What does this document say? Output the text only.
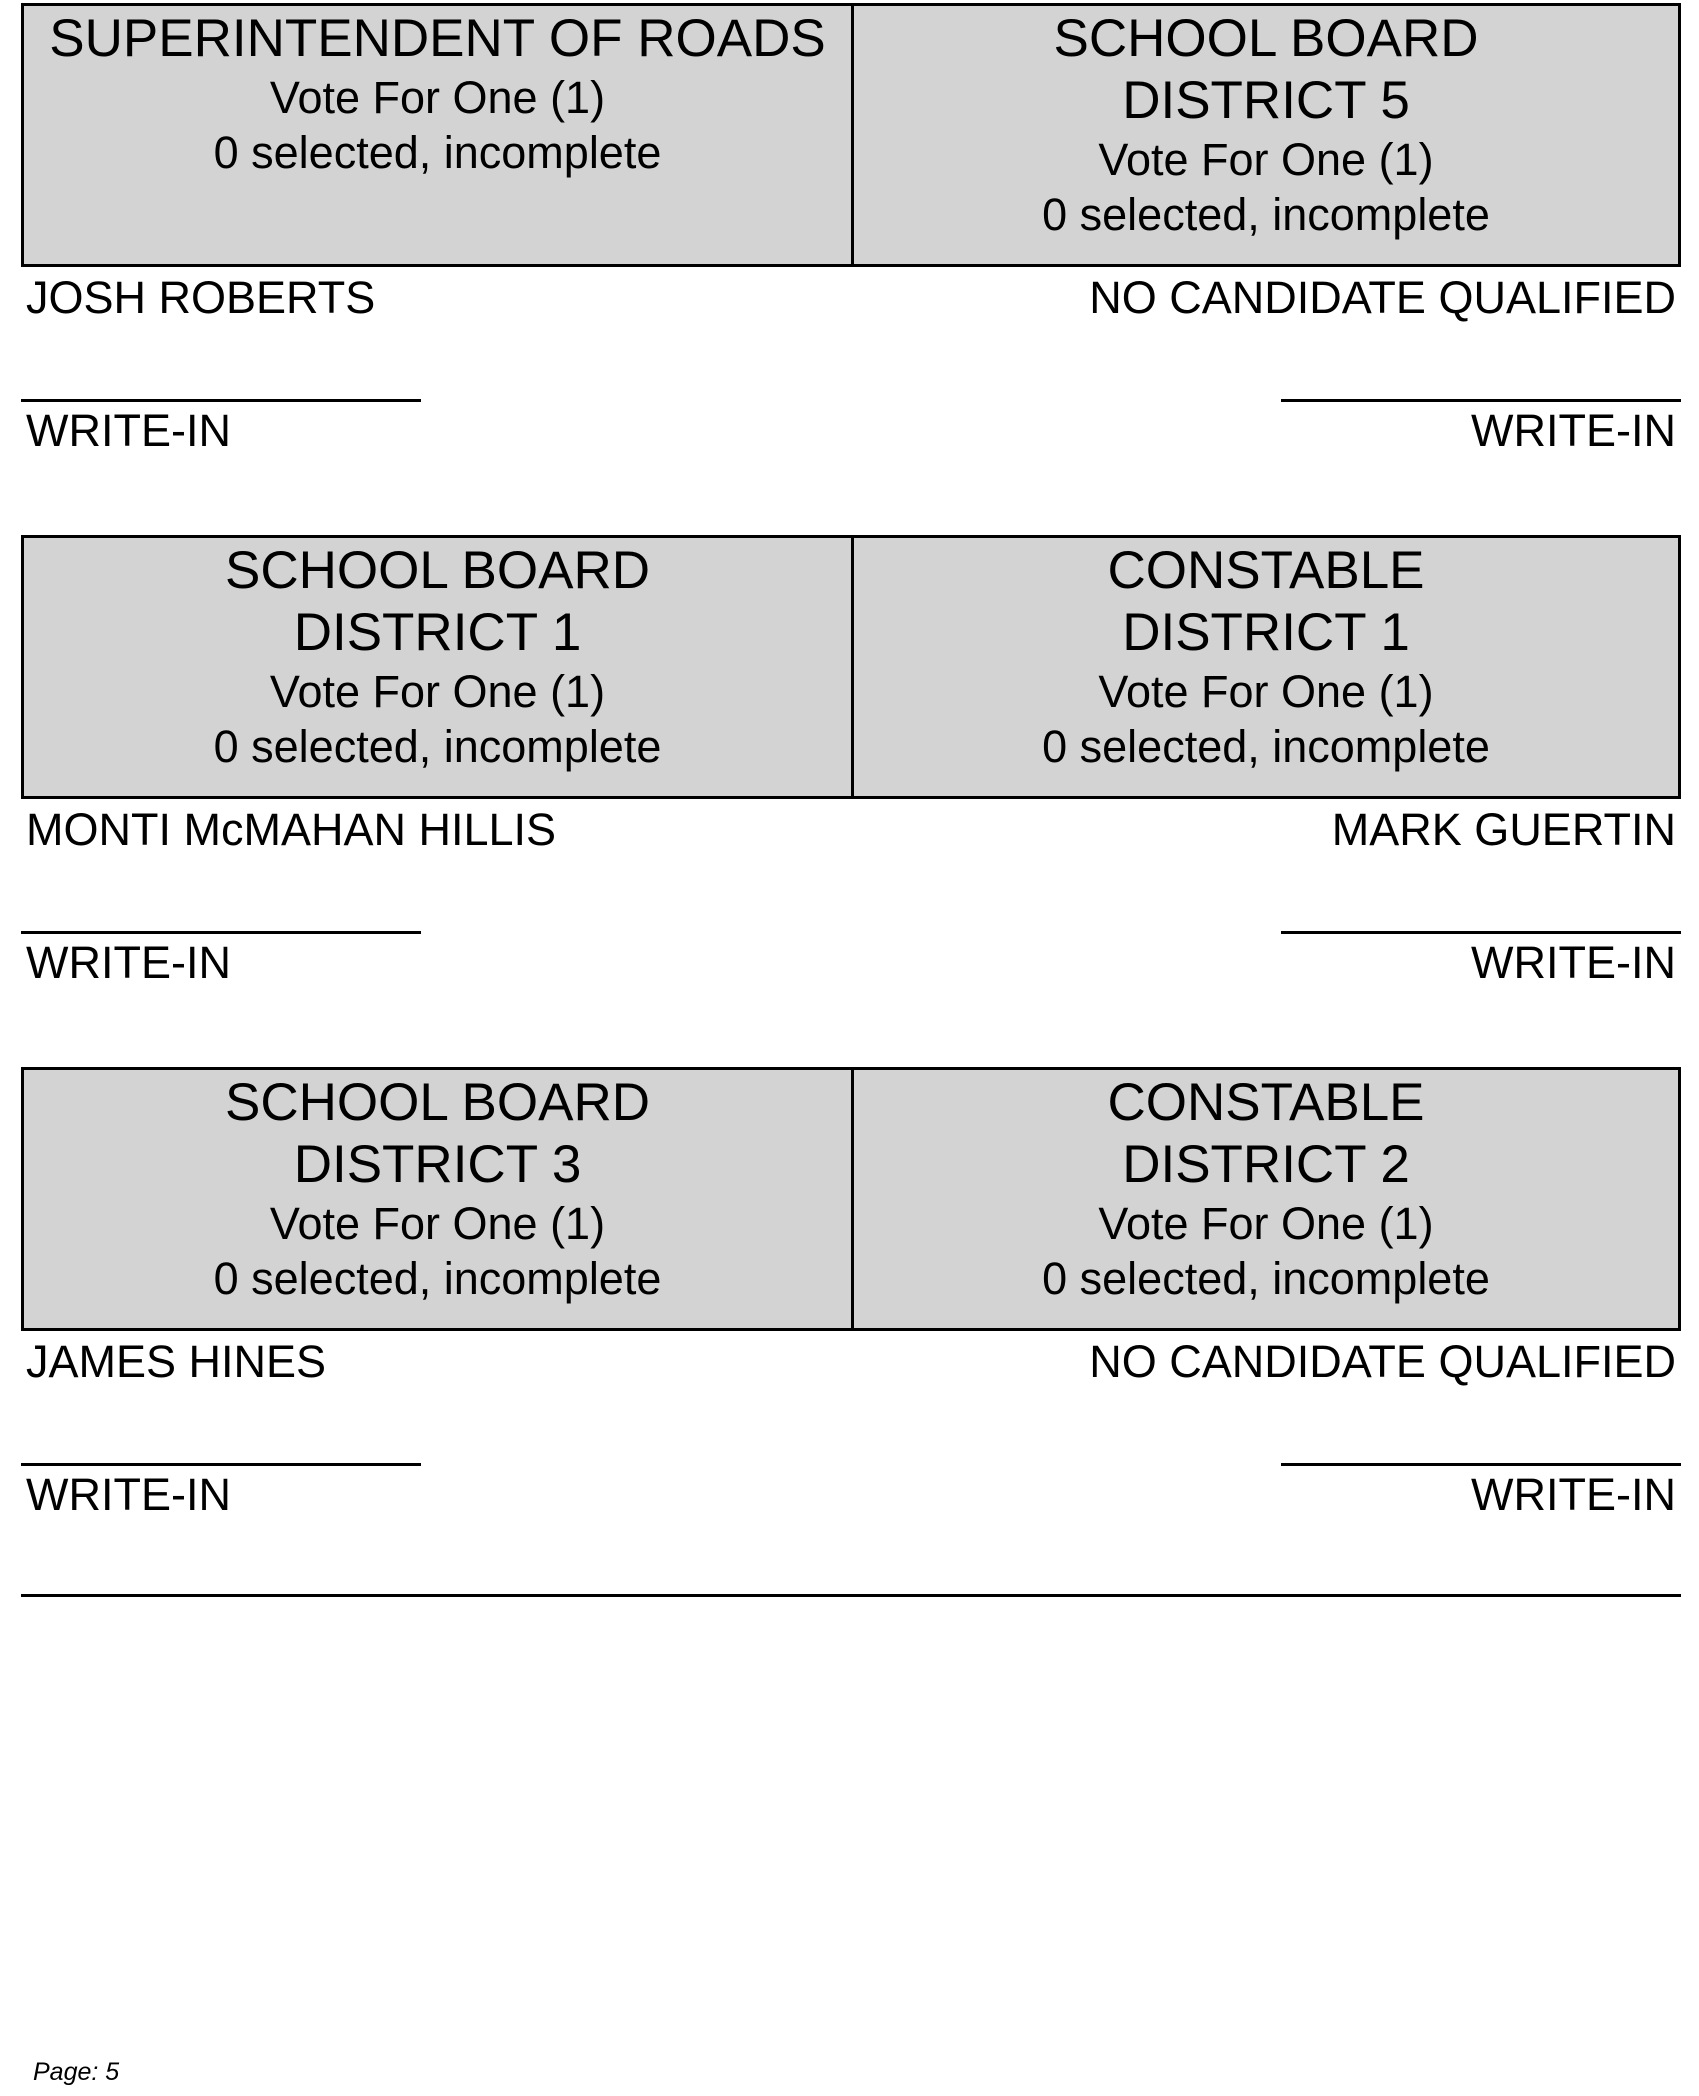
SUPERINTENDENT OF ROADS
Vote For One (1)
0 selected, incomplete
SCHOOL BOARD
DISTRICT 5
Vote For One (1)
0 selected, incomplete
JOSH ROBERTS
WRITE-IN
NO CANDIDATE QUALIFIED
WRITE-IN
SCHOOL BOARD
DISTRICT 1
Vote For One (1)
0 selected, incomplete
CONSTABLE
DISTRICT 1
Vote For One (1)
0 selected, incomplete
MONTI McMAHAN HILLIS
WRITE-IN
MARK GUERTIN
WRITE-IN
SCHOOL BOARD
DISTRICT 3
Vote For One (1)
0 selected, incomplete
CONSTABLE
DISTRICT 2
Vote For One (1)
0 selected, incomplete
JAMES HINES
WRITE-IN
NO CANDIDATE QUALIFIED
WRITE-IN
Page: 5
